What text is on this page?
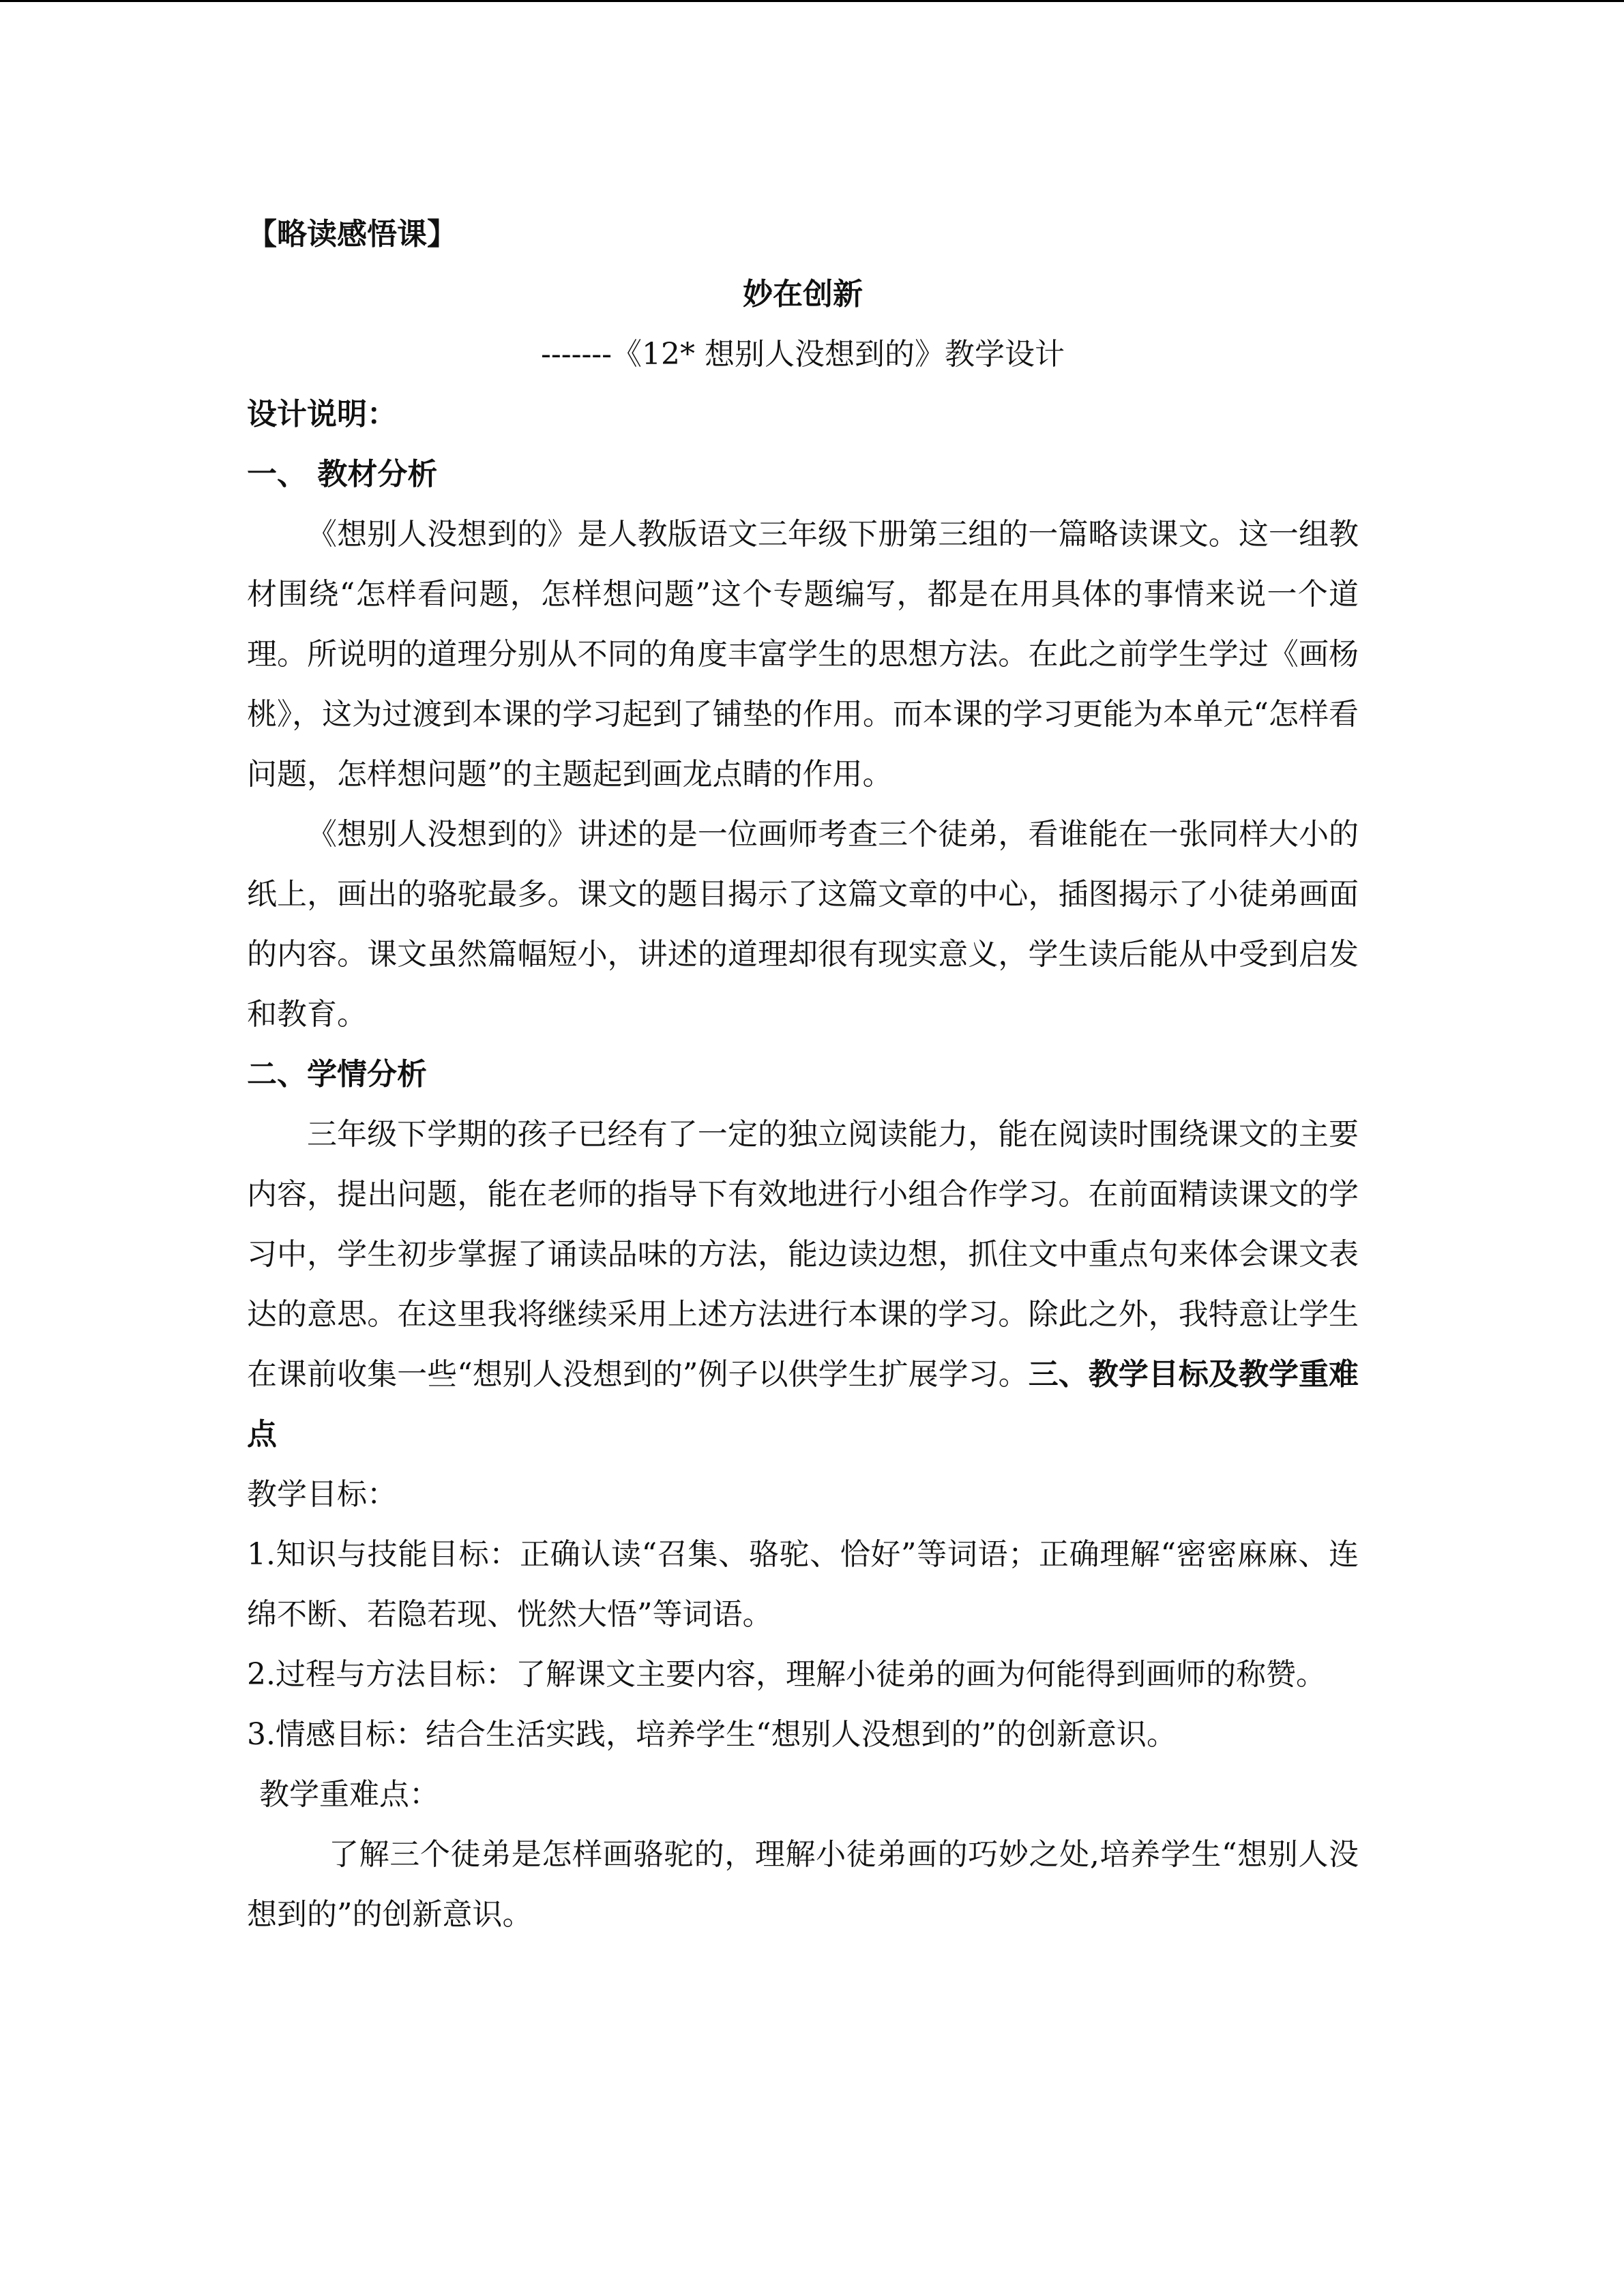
【略读感悟课】
妙在创新
-------《12* 想别人没想到的》教学设计
设计说明：
一、 教材分析
《想别人没想到的》是人教版语文三年级下册第三组的一篇略读课文。这一组教材围绕“怎样看问题，怎样想问题”这个专题编写，都是在用具体的事情来说一个道理。所说明的道理分别从不同的角度丰富学生的思想方法。在此之前学生学过《画杨桃》，这为过渡到本课的学习起到了铺垫的作用。而本课的学习更能为本单元“怎样看问题，怎样想问题”的主题起到画龙点睛的作用。
《想别人没想到的》讲述的是一位画师考查三个徒弟，看谁能在一张同样大小的纸上，画出的骆驼最多。课文的题目揭示了这篇文章的中心，插图揭示了小徒弟画面的内容。课文虽然篇幅短小，讲述的道理却很有现实意义，学生读后能从中受到启发和教育。
二、学情分析
三年级下学期的孩子已经有了一定的独立阅读能力，能在阅读时围绕课文的主要内容，提出问题，能在老师的指导下有效地进行小组合作学习。在前面精读课文的学习中，学生初步掌握了诵读品味的方法，能边读边想，抓住文中重点句来体会课文表达的意思。在这里我将继续采用上述方法进行本课的学习。除此之外，我特意让学生在课前收集一些“想别人没想到的”例子以供学生扩展学习。三、教学目标及教学重难点
教学目标：
1.知识与技能目标：正确认读“召集、骆驼、恰好”等词语；正确理解“密密麻麻、连绵不断、若隐若现、恍然大悟”等词语。
2.过程与方法目标：了解课文主要内容，理解小徒弟的画为何能得到画师的称赞。
3.情感目标：结合生活实践，培养学生“想别人没想到的”的创新意识。
教学重难点：
了解三个徒弟是怎样画骆驼的，理解小徒弟画的巧妙之处,培养学生“想别人没想到的”的创新意识。
